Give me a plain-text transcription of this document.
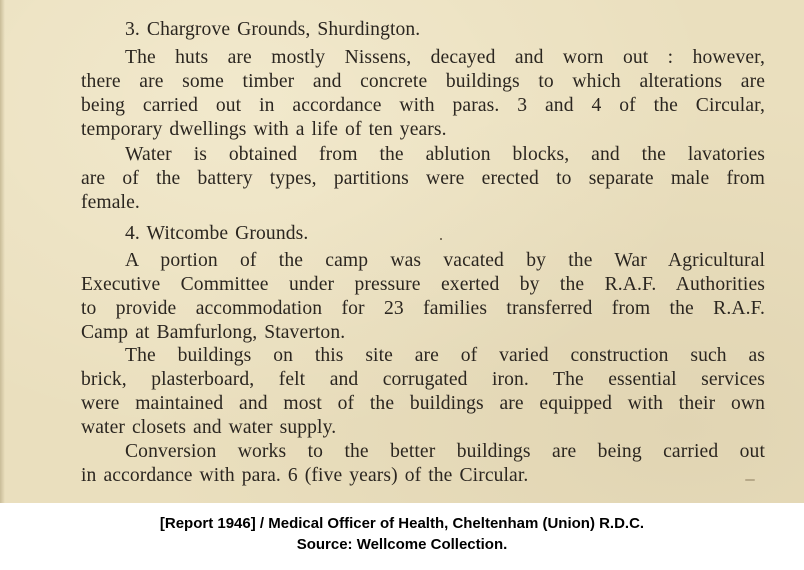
3. Chargrove Grounds, Shurdington.
The huts are mostly Nissens, decayed and worn out : however,
there are some timber and concrete buildings to which alterations are
being carried out in accordance with paras. 3 and 4 of the Circular,
temporary dwellings with a life of ten years.
Water is obtained from the ablution blocks, and the lavatories
are of the battery types, partitions were erected to separate male from
female.
4. Witcombe Grounds.
A portion of the camp was vacated by the War Agricultural
Executive Committee under pressure exerted by the R.A.F. Authorities
to provide accommodation for 23 families transferred from the R.A.F.
Camp at Bamfurlong, Staverton.
The buildings on this site are of varied construction such as
brick, plasterboard, felt and corrugated iron. The essential services
were maintained and most of the buildings are equipped with their own
water closets and water supply.
Conversion works to the better buildings are being carried out
in accordance with para. 6 (five years) of the Circular.
[Report 1946] / Medical Officer of Health, Cheltenham (Union) R.D.C.
Source: Wellcome Collection.
